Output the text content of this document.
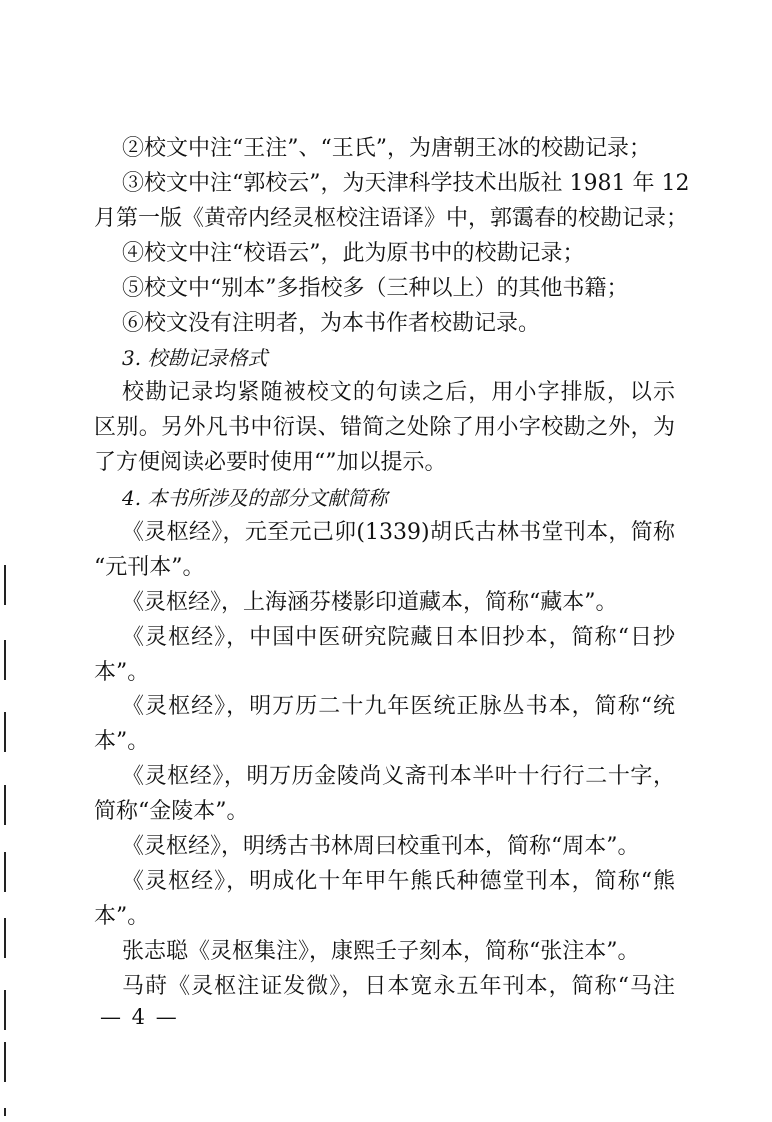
— 4 —
②校文中注“王注”、“王氏”，为唐朝王冰的校勘记录；
③校文中注“郭校云”，为天津科学技术出版社 1981 年 12
月第一版《黄帝内经灵枢校注语译》中，郭霭春的校勘记录；
④校文中注“校语云”，此为原书中的校勘记录；
⑤校文中“别本”多指校多（三种以上）的其他书籍；
⑥校文没有注明者，为本书作者校勘记录。
3. 校勘记录格式
校勘记录均紧随被校文的句读之后，用小字排版，以示
区别。另外凡书中衍误、错简之处除了用小字校勘之外，为
了方便阅读必要时使用“”加以提示。
4. 本书所涉及的部分文献简称
《灵枢经》，元至元己卯(1339)胡氏古林书堂刊本，简称
“元刊本”。
《灵枢经》，上海涵芬楼影印道藏本，简称“藏本”。
《灵枢经》，中国中医研究院藏日本旧抄本，简称“日抄
本”。
《灵枢经》，明万历二十九年医统正脉丛书本，简称“统
本”。
《灵枢经》，明万历金陵尚义斋刊本半叶十行行二十字，
简称“金陵本”。
《灵枢经》，明绣古书林周曰校重刊本，简称“周本”。
《灵枢经》，明成化十年甲午熊氏种德堂刊本，简称“熊
本”。
张志聪《灵枢集注》，康熙壬子刻本，简称“张注本”。
马莳《灵枢注证发微》，日本宽永五年刊本，简称“马注
